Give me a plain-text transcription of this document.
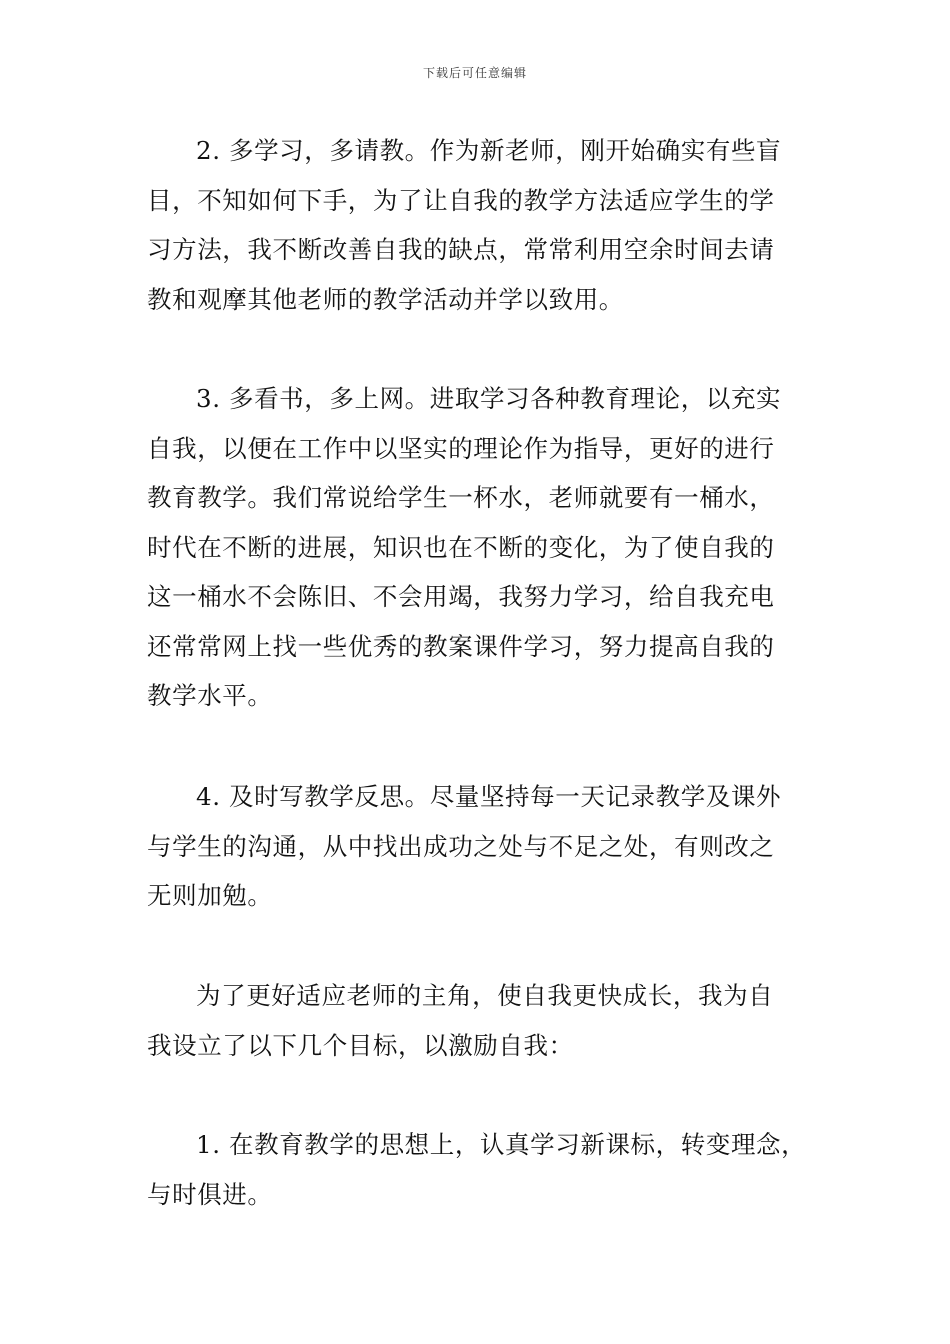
下载后可任意编辑

2. 多学习，多请教。作为新老师，刚开始确实有些盲
目，不知如何下手，为了让自我的教学方法适应学生的学
习方法，我不断改善自我的缺点，常常利用空余时间去请
教和观摩其他老师的教学活动并学以致用。

3. 多看书，多上网。进取学习各种教育理论，以充实
自我，以便在工作中以坚实的理论作为指导，更好的进行
教育教学。我们常说给学生一杯水，老师就要有一桶水，
时代在不断的进展，知识也在不断的变化，为了使自我的
这一桶水不会陈旧、不会用竭，我努力学习，给自我充电
还常常网上找一些优秀的教案课件学习，努力提高自我的
教学水平。

4. 及时写教学反思。尽量坚持每一天记录教学及课外
与学生的沟通，从中找出成功之处与不足之处，有则改之
无则加勉。

为了更好适应老师的主角，使自我更快成长，我为自
我设立了以下几个目标，以激励自我：

1. 在教育教学的思想上，认真学习新课标，转变理念，
与时俱进。
